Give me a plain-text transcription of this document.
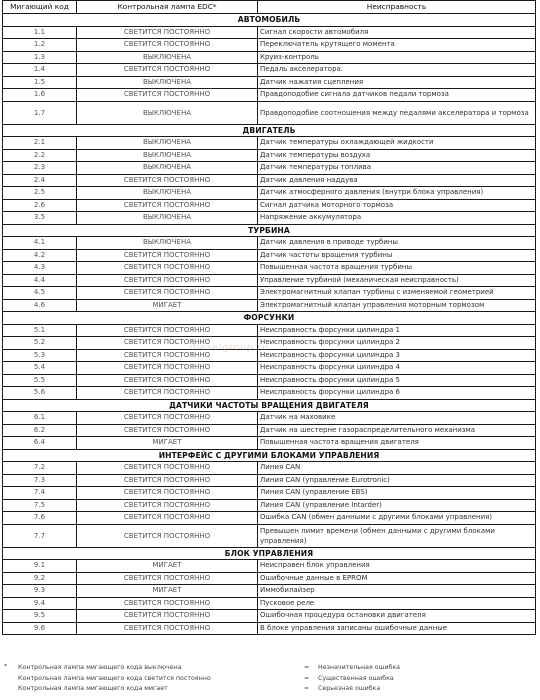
Мигающий код	Контрольная лампа EDC*	Неисправность
АВТОМОБИЛЬ		
1.1	СВЕТИТСЯ ПОСТОЯННО	Сигнал скорости автомобиля
1.2	СВЕТИТСЯ ПОСТОЯННО	Переключатель крутящего момента
1.3	ВЫКЛЮЧЕНА	Круиз-контроль
1.4	СВЕТИТСЯ ПОСТОЯННО	Педаль акселератора.
1.5	ВЫКЛЮЧЕНА	Датчик нажатия сцепления
1.6	СВЕТИТСЯ ПОСТОЯННО	Правдоподобие сигнала датчиков педали тормоза
1.7	ВЫКЛЮЧЕНА	Правдоподобие соотношения между педалями акселератора и тормоза
ДВИГАТЕЛЬ		
2.1	ВЫКЛЮЧЕНА	Датчик температуры охлаждающей жидкости
2.2	ВЫКЛЮЧЕНА	Датчик температуры воздуха
2.3	ВЫКЛЮЧЕНА	Датчик температуры топлива
2.4	СВЕТИТСЯ ПОСТОЯННО	Датчик давления наддува
2.5	ВЫКЛЮЧЕНА	Датчик атмосферного давления (внутри блока управления)
2.6	СВЕТИТСЯ ПОСТОЯННО	Сигнал датчика моторного тормоза
3.5	ВЫКЛЮЧЕНА	Напряжение аккумулятора
ТУРБИНА		
4.1	ВЫКЛЮЧЕНА	Датчик давления в приводе турбины
4.2	СВЕТИТСЯ ПОСТОЯННО	Датчик частоты вращения турбины
4.3	СВЕТИТСЯ ПОСТОЯННО	Повышенная частота вращения турбины
4.4	СВЕТИТСЯ ПОСТОЯННО	Управление турбиной (механическая неисправность)
4.5	СВЕТИТСЯ ПОСТОЯННО	Электромагнитный клапан турбины с изменяемой геометрией
4.6	МИГАЕТ	Электромагнитный клапан управления моторным тормозом
ФОРСУНКИ		
5.1	СВЕТИТСЯ ПОСТОЯННО	Неисправность форсунки цилиндра 1
5.2	СВЕТИТСЯ ПОСТОЯННО	Неисправность форсунки цилиндра 2
5.3	СВЕТИТСЯ ПОСТОЯННО	Неисправность форсунки цилиндра 3
5.4	СВЕТИТСЯ ПОСТОЯННО	Неисправность форсунки цилиндра 4
5.5	СВЕТИТСЯ ПОСТОЯННО	Неисправность форсунки цилиндра 5
5.6	СВЕТИТСЯ ПОСТОЯННО	Неисправность форсунки цилиндра 6
ДАТЧИКИ ЧАСТОТЫ ВРАЩЕНИЯ ДВИГАТЕЛЯ		
6.1	СВЕТИТСЯ ПОСТОЯННО	Датчик на маховике
6.2	СВЕТИТСЯ ПОСТОЯННО	Датчик на шестерне газораспределительного механизма
6.4	МИГАЕТ	Повышенная частота вращения двигателя
ИНТЕРФЕЙС С ДРУГИМИ БЛОКАМИ УПРАВЛЕНИЯ		
7.2	СВЕТИТСЯ ПОСТОЯННО	Линия CAN
7.3	СВЕТИТСЯ ПОСТОЯННО	Линия CAN (управление Eurotronic)
7.4	СВЕТИТСЯ ПОСТОЯННО	Линия CAN (управление EBS)
7.5	СВЕТИТСЯ ПОСТОЯННО	Линия CAN (управление Intarder)
7.6	СВЕТИТСЯ ПОСТОЯННО	Ошибка CAN (обмен данными с другими блоками управления)
7.7	СВЕТИТСЯ ПОСТОЯННО	Превышен лимит времени (обмен данными с другими блоками управления)
БЛОК УПРАВЛЕНИЯ		
9.1	МИГАЕТ	Неисправен блок управления
9.2	СВЕТИТСЯ ПОСТОЯННО	Ошибочные данные в EPROM
9.3	МИГАЕТ	Иммобилайзер
9.4	СВЕТИТСЯ ПОСТОЯННО	Пусковое реле
9.5	СВЕТИТСЯ ПОСТОЯННО	Ошибочная процедура остановки двигателя
9.6	СВЕТИТСЯ ПОСТОЯННО	В блоке управления записаны ошибочные данные
dieselgroup.ru
* Контрольная лампа мигающего кода выключена	= Незначительная ошибка
Контрольная лампа мигающего кода светится постоянно	= Существенная ошибка
Контрольная лампа мигающего кода мигает	= Серьезная ошибка
